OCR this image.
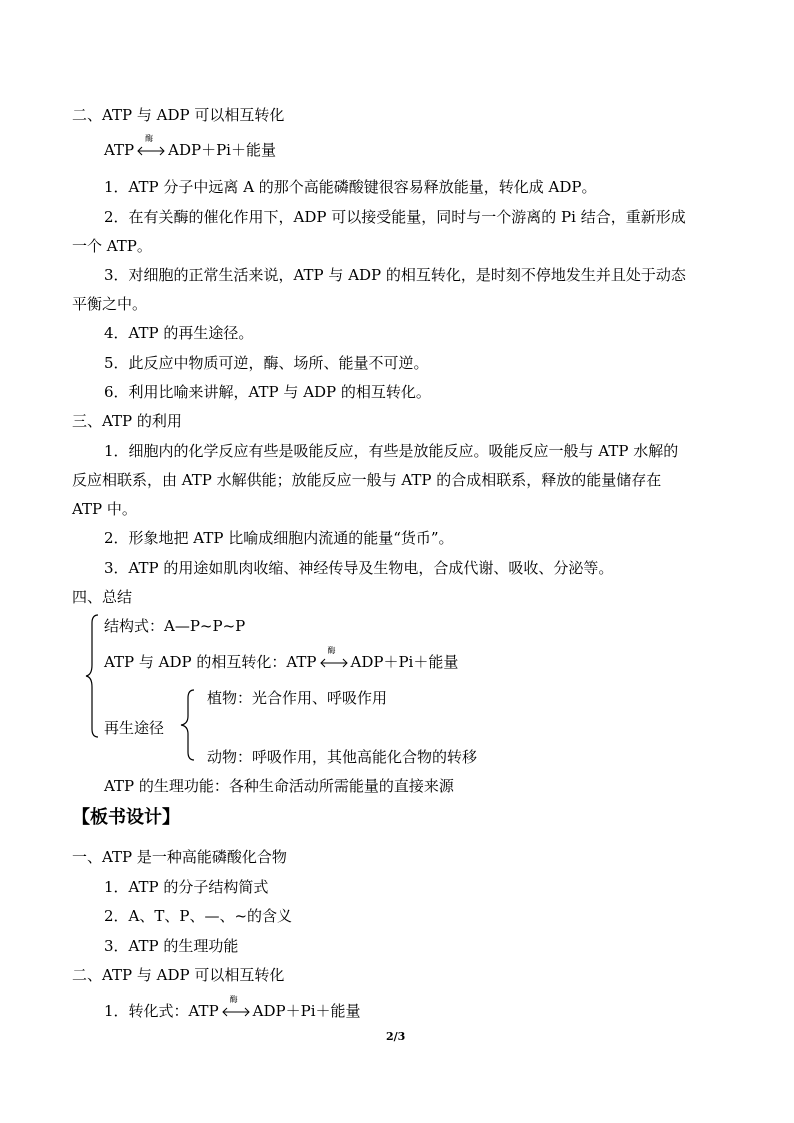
二、ATP 与 ADP 可以相互转化
ATP
酶
ADP＋Pi＋能量
1．ATP 分子中远离 A 的那个高能磷酸键很容易释放能量，转化成 ADP。
2．在有关酶的催化作用下，ADP 可以接受能量，同时与一个游离的 Pi 结合，重新形成
一个 ATP。
3．对细胞的正常生活来说，ATP 与 ADP 的相互转化，是时刻不停地发生并且处于动态
平衡之中。
4．ATP 的再生途径。
5．此反应中物质可逆，酶、场所、能量不可逆。
6．利用比喻来讲解，ATP 与 ADP 的相互转化。
三、ATP 的利用
1．细胞内的化学反应有些是吸能反应，有些是放能反应。吸能反应一般与 ATP 水解的
反应相联系，由 ATP 水解供能；放能反应一般与 ATP 的合成相联系，释放的能量储存在
ATP 中。
2．形象地把 ATP 比喻成细胞内流通的能量“货币”。
3．ATP 的用途如肌肉收缩、神经传导及生物电，合成代谢、吸收、分泌等。
四、总结
结构式：A—P~P~P
ATP 与 ADP 的相互转化：ATP
酶
ADP＋Pi＋能量
再生途径
植物：光合作用、呼吸作用
动物：呼吸作用，其他高能化合物的转移
ATP 的生理功能：各种生命活动所需能量的直接来源
【板书设计】
一、ATP 是一种高能磷酸化合物
1．ATP 的分子结构简式
2．A、T、P、—、~的含义
3．ATP 的生理功能
二、ATP 与 ADP 可以相互转化
1．转化式：ATP
酶
ADP＋Pi＋能量
2/3
